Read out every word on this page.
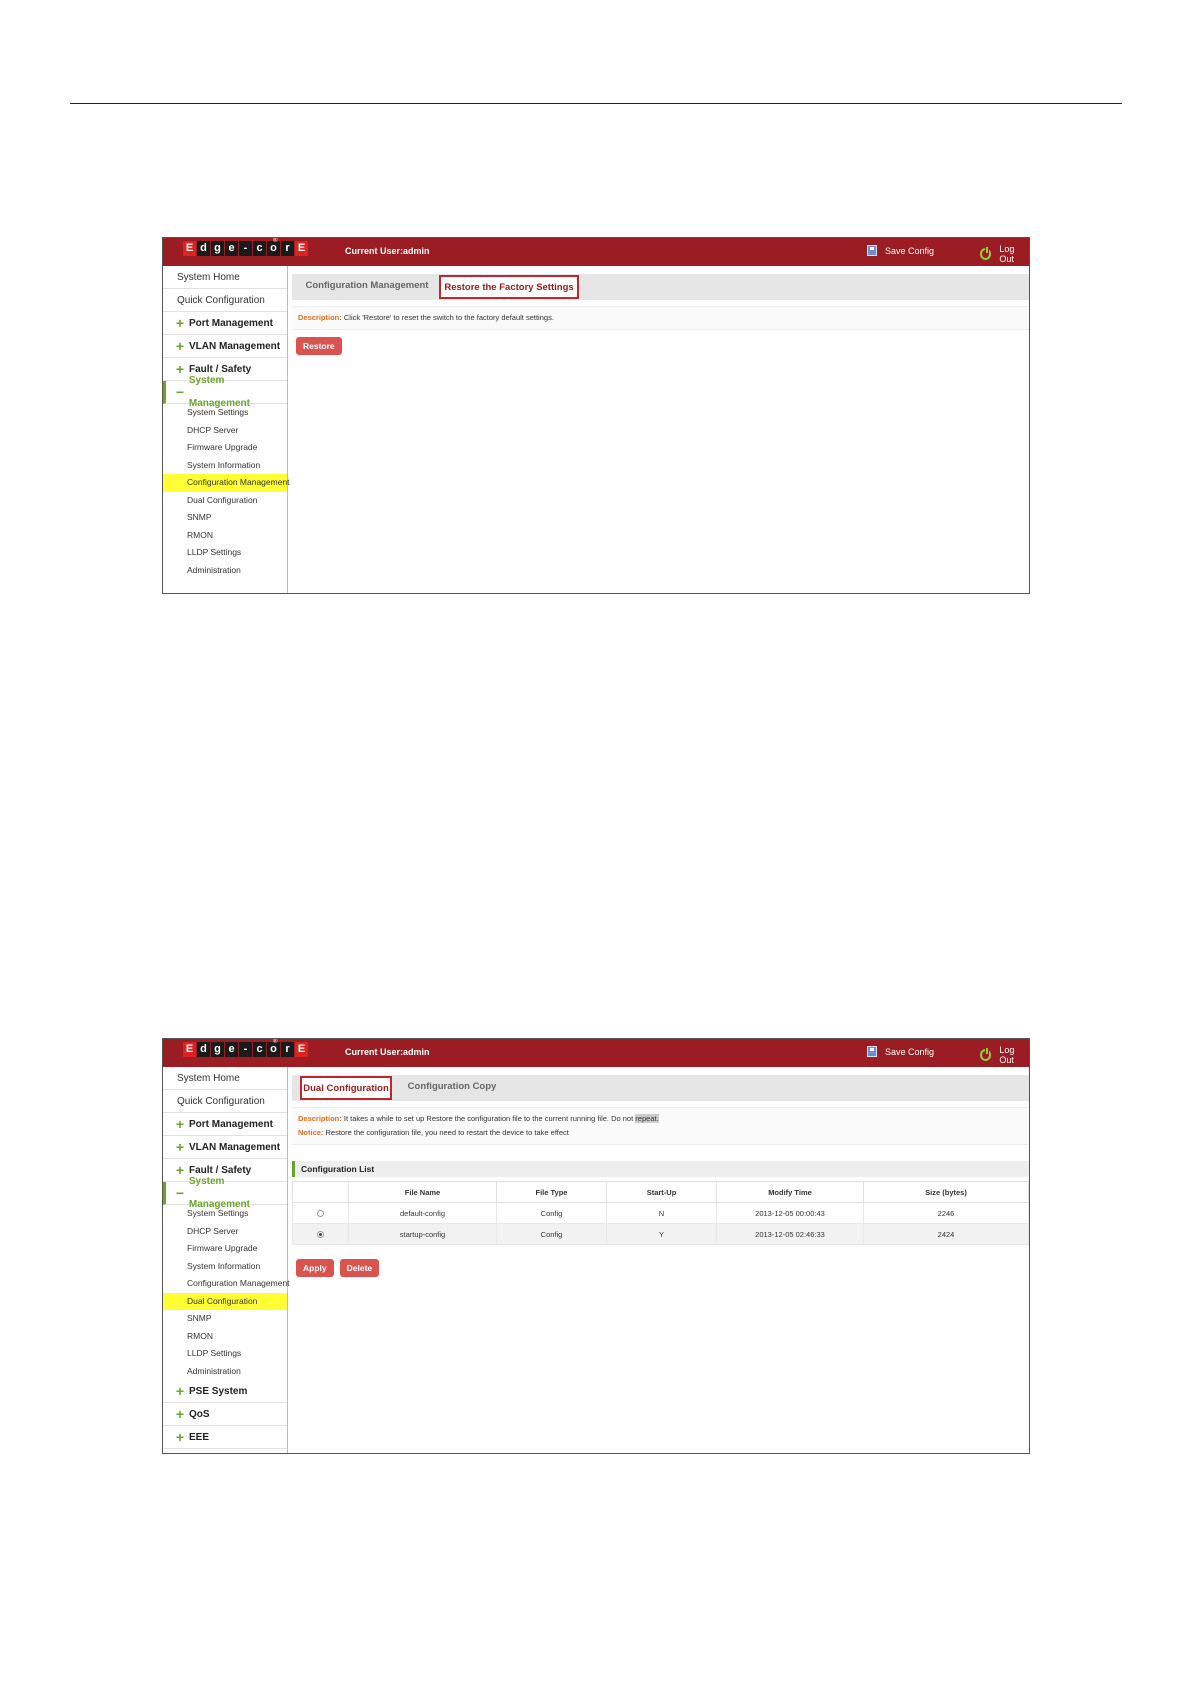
E d g e - c o r E
®
Current User:admin	Save Config	Log Out
System Home
Quick Configuration
+ Port Management
+ VLAN Management
+ Fault / Safety
−
System Management
System Settings
DHCP Server
Firmware Upgrade
System Information
Configuration Management
Dual Configuration
SNMP
RMON
LLDP Settings
Administration
Configuration Management	Restore the Factory Settings
Description: Click 'Restore' to reset the switch to the factory default settings.
Restore
E d g e - c o r E
®
Current User:admin	Save Config	Log Out
System Home
Quick Configuration
+ Port Management
+ VLAN Management
+ Fault / Safety
−
System Management
System Settings
DHCP Server
Firmware Upgrade
System Information
Configuration Management
Dual Configuration
SNMP
RMON
LLDP Settings
Administration
+ PSE System
+ QoS
+ EEE
Dual Configuration	Configuration Copy
Description: It takes a while to set up Restore the configuration file to the current running file. Do not repeat.
Notice: Restore the configuration file, you need to restart the device to take effect
Configuration List
	File Name	File Type	Start-Up	Modify Time	Size (bytes)
	default-config	Config	N	2013-12-05 00:00:43	2246
	startup-config	Config	Y	2013-12-05 02:46:33	2424
Apply	Delete
